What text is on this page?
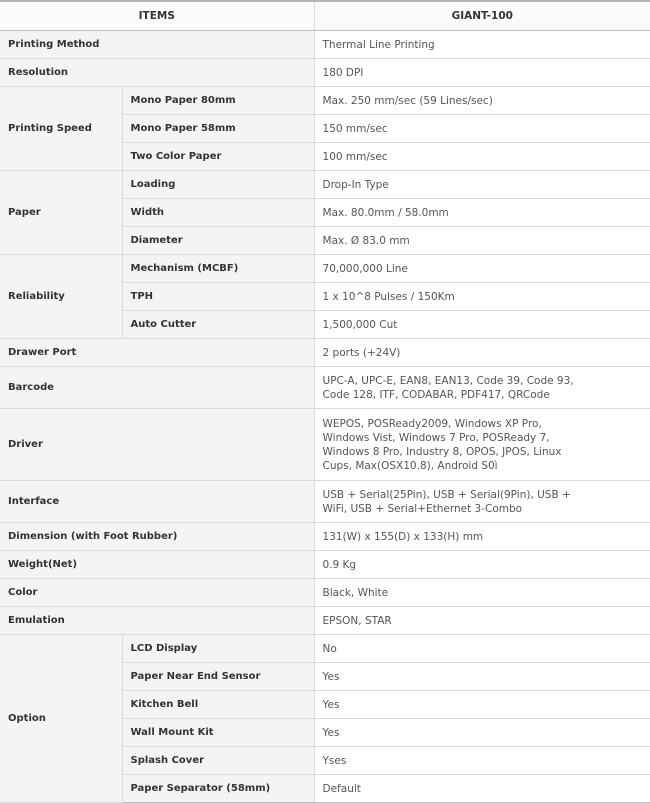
ITEMS		GIANT-100
Printing Method		Thermal Line Printing
Resolution		180 DPI
Printing Speed	Mono Paper 80mm	Max. 250 mm/sec (59 Lines/sec)
	Mono Paper 58mm	150 mm/sec
	Two Color Paper	100 mm/sec
Paper	Loading	Drop-In Type
	Width	Max. 80.0mm / 58.0mm
	Diameter	Max. Ø 83.0 mm
Reliability	Mechanism (MCBF)	70,000,000 Line
	TPH	1 x 10^8 Pulses / 150Km
	Auto Cutter	1,500,000 Cut
Drawer Port		2 ports (+24V)
Barcode		UPC-A, UPC-E, EAN8, EAN13, Code 39, Code 93,
Code 128, ITF, CODABAR, PDF417, QRCode

Driver		WEPOS, POSReady2009, Windows XP Pro,
Windows Vist, Windows 7 Pro, POSReady 7,
Windows 8 Pro, Industry 8, OPOS, JPOS, Linux
Cups, Max(OSX10.8), Android S0ì

Interface		USB + Serial(25Pin), USB + Serial(9Pin), USB +
WiFi, USB + Serial+Ethernet 3-Combo

Dimension (with Foot Rubber)		131(W) x 155(D) x 133(H) mm
Weight(Net)		0.9 Kg
Color		Black, White
Emulation		EPSON, STAR
Option	LCD Display	No
	Paper Near End Sensor	Yes
	Kitchen Bell	Yes
	Wall Mount Kit	Yes
	Splash Cover	Yses
	Paper Separator (58mm)	Default
